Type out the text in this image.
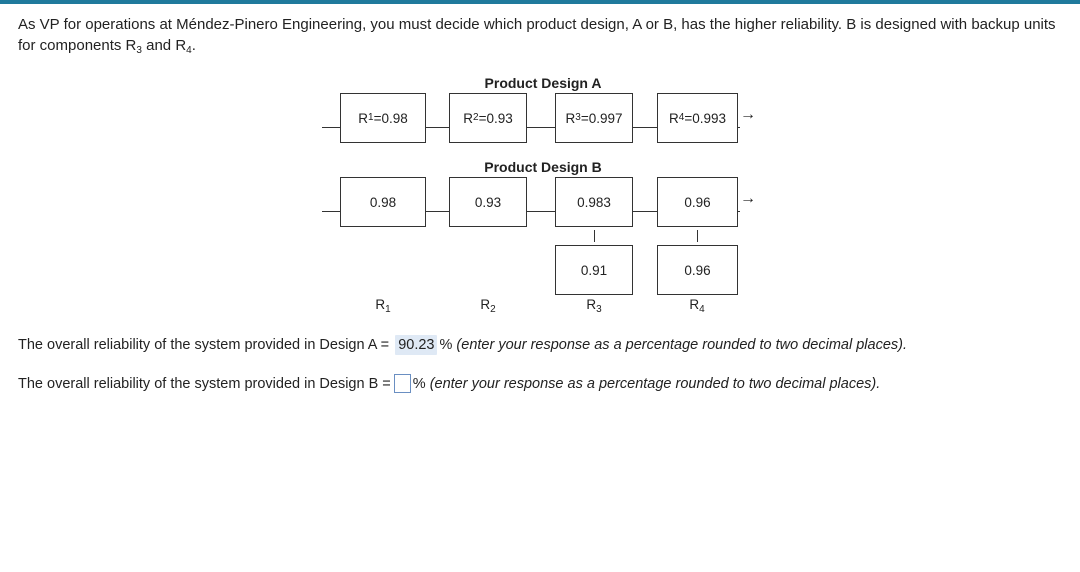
As VP for operations at Méndez-Pinero Engineering, you must decide which product design, A or B, has the higher reliability. B is designed with backup units for components $R_3$ and $R_4$.
Product Design A
R 1 =0.98	R 2 =0.93	R 3 =0.997	R 4 =0.993 →
Product Design B
0.98	0.93	0.983	0.96	→
0.91	0.96
$R_1$	$R_2$	$R_3$	$R_4$
The overall reliability of the system provided in Design A = 90.23 % (enter your response as a percentage rounded to two decimal places).
The overall reliability of the system provided in Design B = % (enter your response as a percentage rounded to two decimal places).
